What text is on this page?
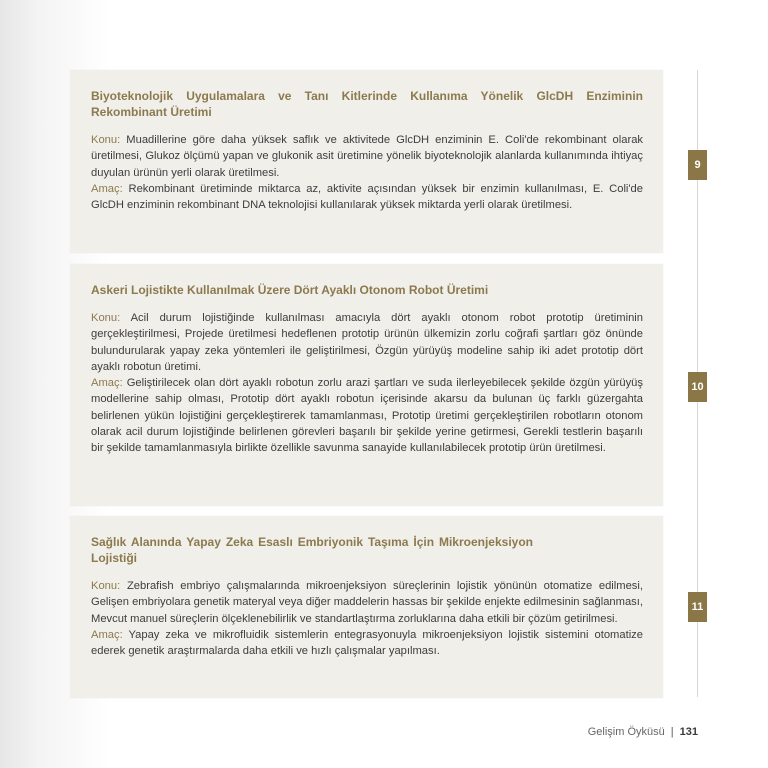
Biyoteknolojik Uygulamalara ve Tanı Kitlerinde Kullanıma Yönelik GlcDH Enziminin Rekombinant Üretimi

Konu: Muadillerine göre daha yüksek saflık ve aktivitede GlcDH enziminin E. Coli'de rekombinant olarak üretilmesi, Glukoz ölçümü yapan ve glukonik asit üretimine yönelik biyoteknolojik alanlarda kullanımında ihtiyaç duyulan ürünün yerli olarak üretilmesi.
Amaç: Rekombinant üretiminde miktarca az, aktivite açısından yüksek bir enzimin kullanılması, E. Coli'de GlcDH enziminin rekombinant DNA teknolojisi kullanılarak yüksek miktarda yerli olarak üretilmesi.

9

Askeri Lojistikte Kullanılmak Üzere Dört Ayaklı Otonom Robot Üretimi

Konu: Acil durum lojistiğinde kullanılması amacıyla dört ayaklı otonom robot prototip üretiminin gerçekleştirilmesi, Projede üretilmesi hedeflenen prototip ürünün ülkemizin zorlu coğrafi şartları göz önünde bulundurularak yapay zeka yöntemleri ile geliştirilmesi, Özgün yürüyüş modeline sahip iki adet prototip dört ayaklı robotun üretimi.
Amaç: Geliştirilecek olan dört ayaklı robotun zorlu arazi şartları ve suda ilerleyebilecek şekilde özgün yürüyüş modellerine sahip olması, Prototip dört ayaklı robotun içerisinde akarsu da bulunan üç farklı güzergahta belirlenen yükün lojistiğini gerçekleştirerek tamamlanması, Prototip üretimi gerçekleştirilen robotların otonom olarak acil durum lojistiğinde belirlenen görevleri başarılı bir şekilde yerine getirmesi, Gerekli testlerin başarılı bir şekilde tamamlanmasıyla birlikte özellikle savunma sanayide kullanılabilecek prototip ürün üretilmesi.

10

Sağlık Alanında Yapay Zeka Esaslı Embriyonik Taşıma İçin Mikroenjeksiyon Lojistiği

Konu: Zebrafish embriyo çalışmalarında mikroenjeksiyon süreçlerinin lojistik yönünün otomatize edilmesi, Gelişen embriyolara genetik materyal veya diğer maddelerin hassas bir şekilde enjekte edilmesinin sağlanması, Mevcut manuel süreçlerin ölçeklenebilirlik ve standartlaştırma zorluklarına daha etkili bir çözüm getirilmesi.
Amaç: Yapay zeka ve mikrofluidik sistemlerin entegrasyonuyla mikroenjeksiyon lojistik sistemini otomatize ederek genetik araştırmalarda daha etkili ve hızlı çalışmalar yapılması.

11
Gelişim Öyküsü | 131
